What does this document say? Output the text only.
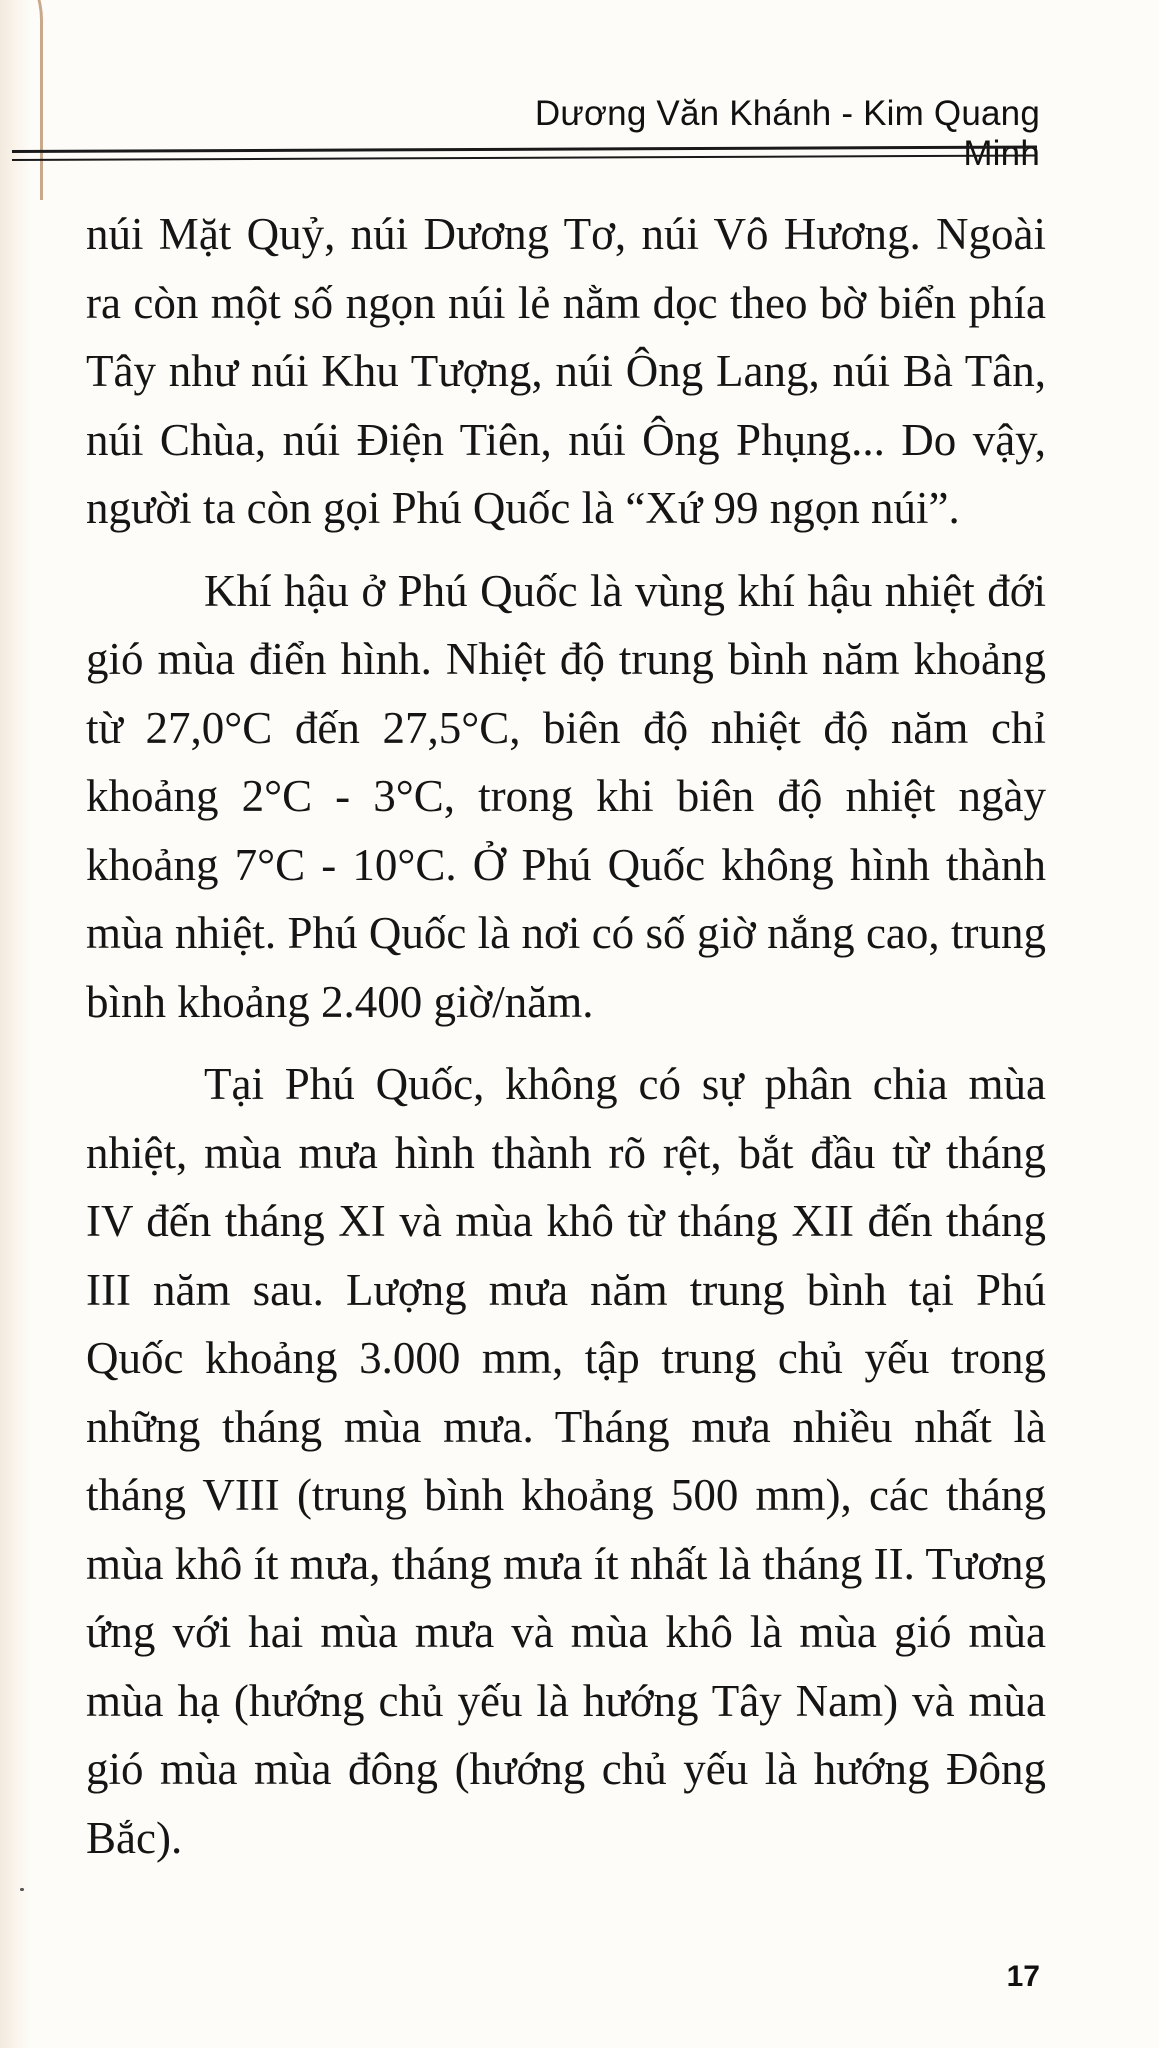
Dương Văn Khánh - Kim Quang Minh

núi Mặt Quỷ, núi Dương Tơ, núi Vô Hương. Ngoài ra còn một số ngọn núi lẻ nằm dọc theo bờ biển phía Tây như núi Khu Tượng, núi Ông Lang, núi Bà Tân, núi Chùa, núi Điện Tiên, núi Ông Phụng... Do vậy, người ta còn gọi Phú Quốc là “Xứ 99 ngọn núi”.

Khí hậu ở Phú Quốc là vùng khí hậu nhiệt đới gió mùa điển hình. Nhiệt độ trung bình năm khoảng từ 27,0°C đến 27,5°C, biên độ nhiệt độ năm chỉ khoảng 2°C - 3°C, trong khi biên độ nhiệt ngày khoảng 7°C - 10°C. Ở Phú Quốc không hình thành mùa nhiệt. Phú Quốc là nơi có số giờ nắng cao, trung bình khoảng 2.400 giờ/năm.

Tại Phú Quốc, không có sự phân chia mùa nhiệt, mùa mưa hình thành rõ rệt, bắt đầu từ tháng IV đến tháng XI và mùa khô từ tháng XII đến tháng III năm sau. Lượng mưa năm trung bình tại Phú Quốc khoảng 3.000 mm, tập trung chủ yếu trong những tháng mùa mưa. Tháng mưa nhiều nhất là tháng VIII (trung bình khoảng 500 mm), các tháng mùa khô ít mưa, tháng mưa ít nhất là tháng II. Tương ứng với hai mùa mưa và mùa khô là mùa gió mùa mùa hạ (hướng chủ yếu là hướng Tây Nam) và mùa gió mùa mùa đông (hướng chủ yếu là hướng Đông Bắc).

17
